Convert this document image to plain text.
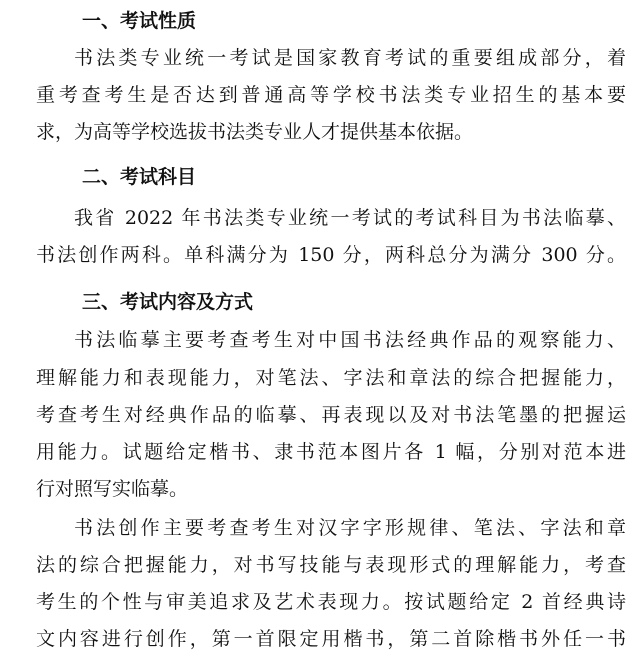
一、考试性质
书法类专业统一考试是国家教育考试的重要组成部分，着
重考查考生是否达到普通高等学校书法类专业招生的基本要
求，为高等学校选拔书法类专业人才提供基本依据。
二、考试科目
我省 2022 年书法类专业统一考试的考试科目为书法临摹、
书法创作两科。单科满分为 150 分，两科总分为满分 300 分。
三、考试内容及方式
书法临摹主要考查考生对中国书法经典作品的观察能力、
理解能力和表现能力，对笔法、字法和章法的综合把握能力，
考查考生对经典作品的临摹、再表现以及对书法笔墨的把握运
用能力。试题给定楷书、隶书范本图片各 1 幅，分别对范本进
行对照写实临摹。
书法创作主要考查考生对汉字字形规律、笔法、字法和章
法的综合把握能力，对书写技能与表现形式的理解能力，考查
考生的个性与审美追求及艺术表现力。按试题给定 2 首经典诗
文内容进行创作，第一首限定用楷书，第二首除楷书外任一书
